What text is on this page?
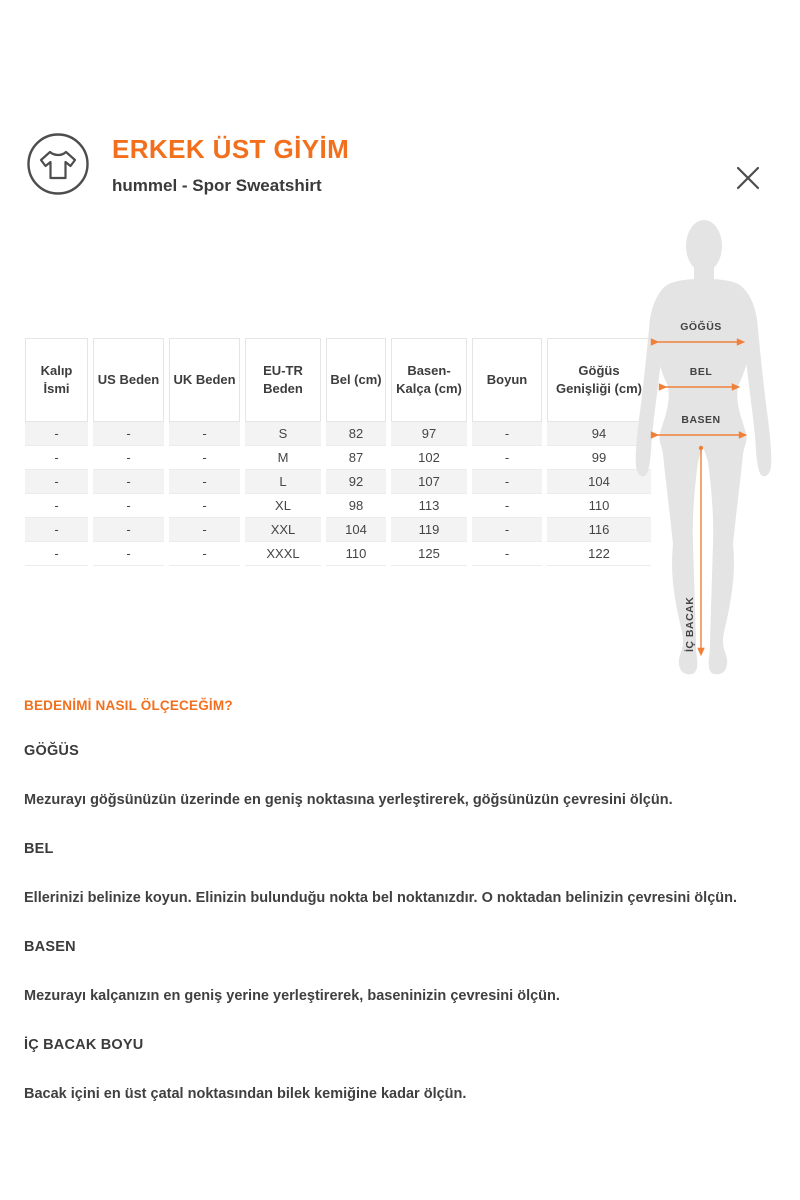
ERKEK ÜST GİYİM
hummel - Spor Sweatshirt
Kalıp İsmi	US Beden	UK Beden	EU-TR Beden	Bel (cm)	Basen-Kalça (cm)	Boyun	Göğüs Genişliği (cm)
-	-	-	S	82	97	-	94
-	-	-	M	87	102	-	99
-	-	-	L	92	107	-	104
-	-	-	XL	98	113	-	110
-	-	-	XXL	104	119	-	116
-	-	-	XXXL	110	125	-	122
GÖĞÜS
BEL
BASEN
İÇ BACAK
BEDENİMİ NASIL ÖLÇECEĞİM?
GÖĞÜS

Mezurayı göğsünüzün üzerinde en geniş noktasına yerleştirerek, göğsünüzün çevresini ölçün.

BEL

Ellerinizi belinize koyun. Elinizin bulunduğu nokta bel noktanızdır. O noktadan belinizin çevresini ölçün.

BASEN

Mezurayı kalçanızın en geniş yerine yerleştirerek, baseninizin çevresini ölçün.

İÇ BACAK BOYU

Bacak içini en üst çatal noktasından bilek kemiğine kadar ölçün.
